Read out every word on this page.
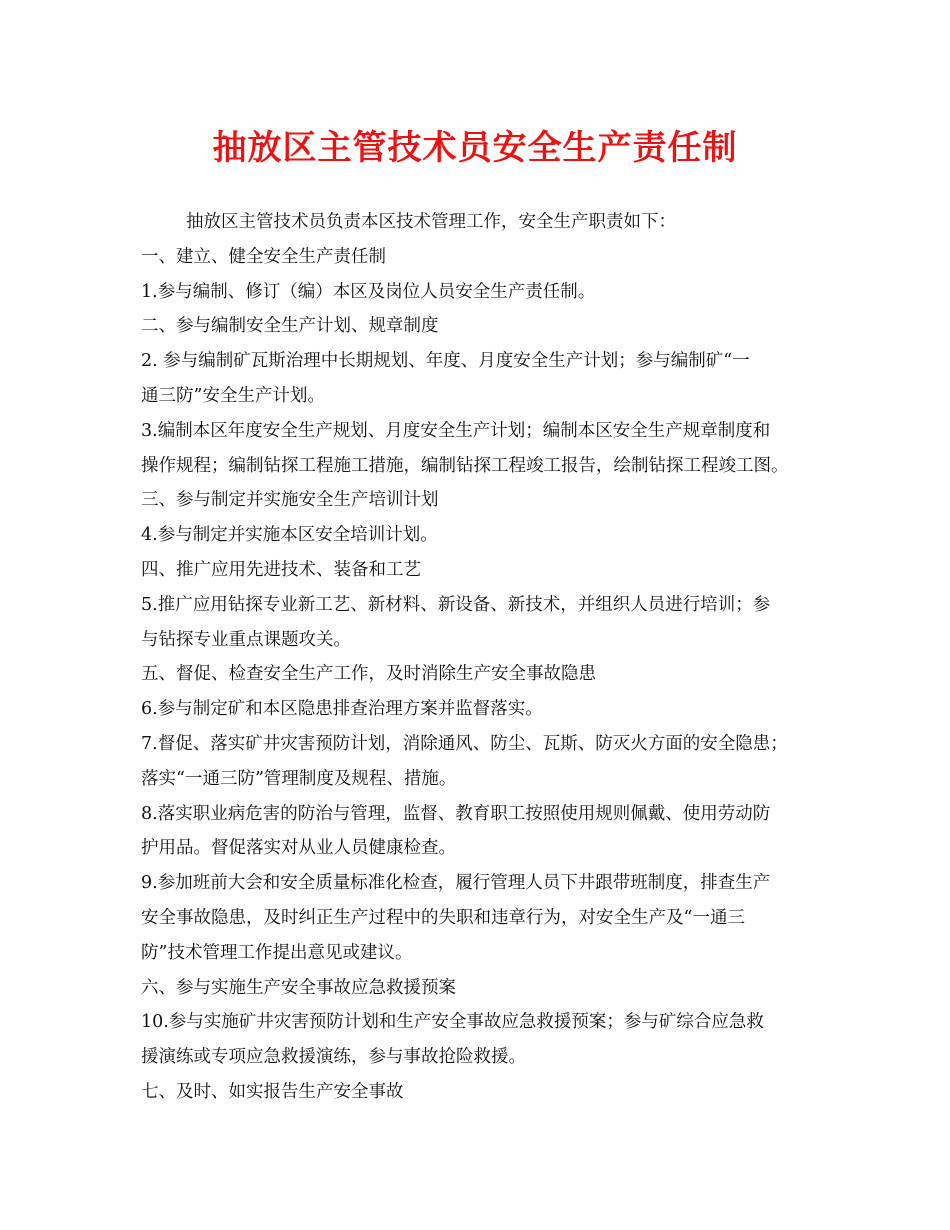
抽放区主管技术员安全生产责任制

抽放区主管技术员负责本区技术管理工作，安全生产职责如下：

一、建立、健全安全生产责任制

1.参与编制、修订（编）本区及岗位人员安全生产责任制。

二、参与编制安全生产计划、规章制度

2. 参与编制矿瓦斯治理中长期规划、年度、月度安全生产计划；参与编制矿“一

通三防”安全生产计划。

3.编制本区年度安全生产规划、月度安全生产计划；编制本区安全生产规章制度和

操作规程；编制钻探工程施工措施，编制钻探工程竣工报告，绘制钻探工程竣工图。

三、参与制定并实施安全生产培训计划

4.参与制定并实施本区安全培训计划。

四、推广应用先进技术、装备和工艺

5.推广应用钻探专业新工艺、新材料、新设备、新技术，并组织人员进行培训；参

与钻探专业重点课题攻关。

五、督促、检查安全生产工作，及时消除生产安全事故隐患

6.参与制定矿和本区隐患排查治理方案并监督落实。

7.督促、落实矿井灾害预防计划，消除通风、防尘、瓦斯、防灭火方面的安全隐患；

落实“一通三防”管理制度及规程、措施。

8.落实职业病危害的防治与管理，监督、教育职工按照使用规则佩戴、使用劳动防

护用品。督促落实对从业人员健康检查。

9.参加班前大会和安全质量标准化检查，履行管理人员下井跟带班制度，排查生产

安全事故隐患，及时纠正生产过程中的失职和违章行为，对安全生产及“一通三

防”技术管理工作提出意见或建议。

六、参与实施生产安全事故应急救援预案

10.参与实施矿井灾害预防计划和生产安全事故应急救援预案；参与矿综合应急救

援演练或专项应急救援演练，参与事故抢险救援。

七、及时、如实报告生产安全事故
